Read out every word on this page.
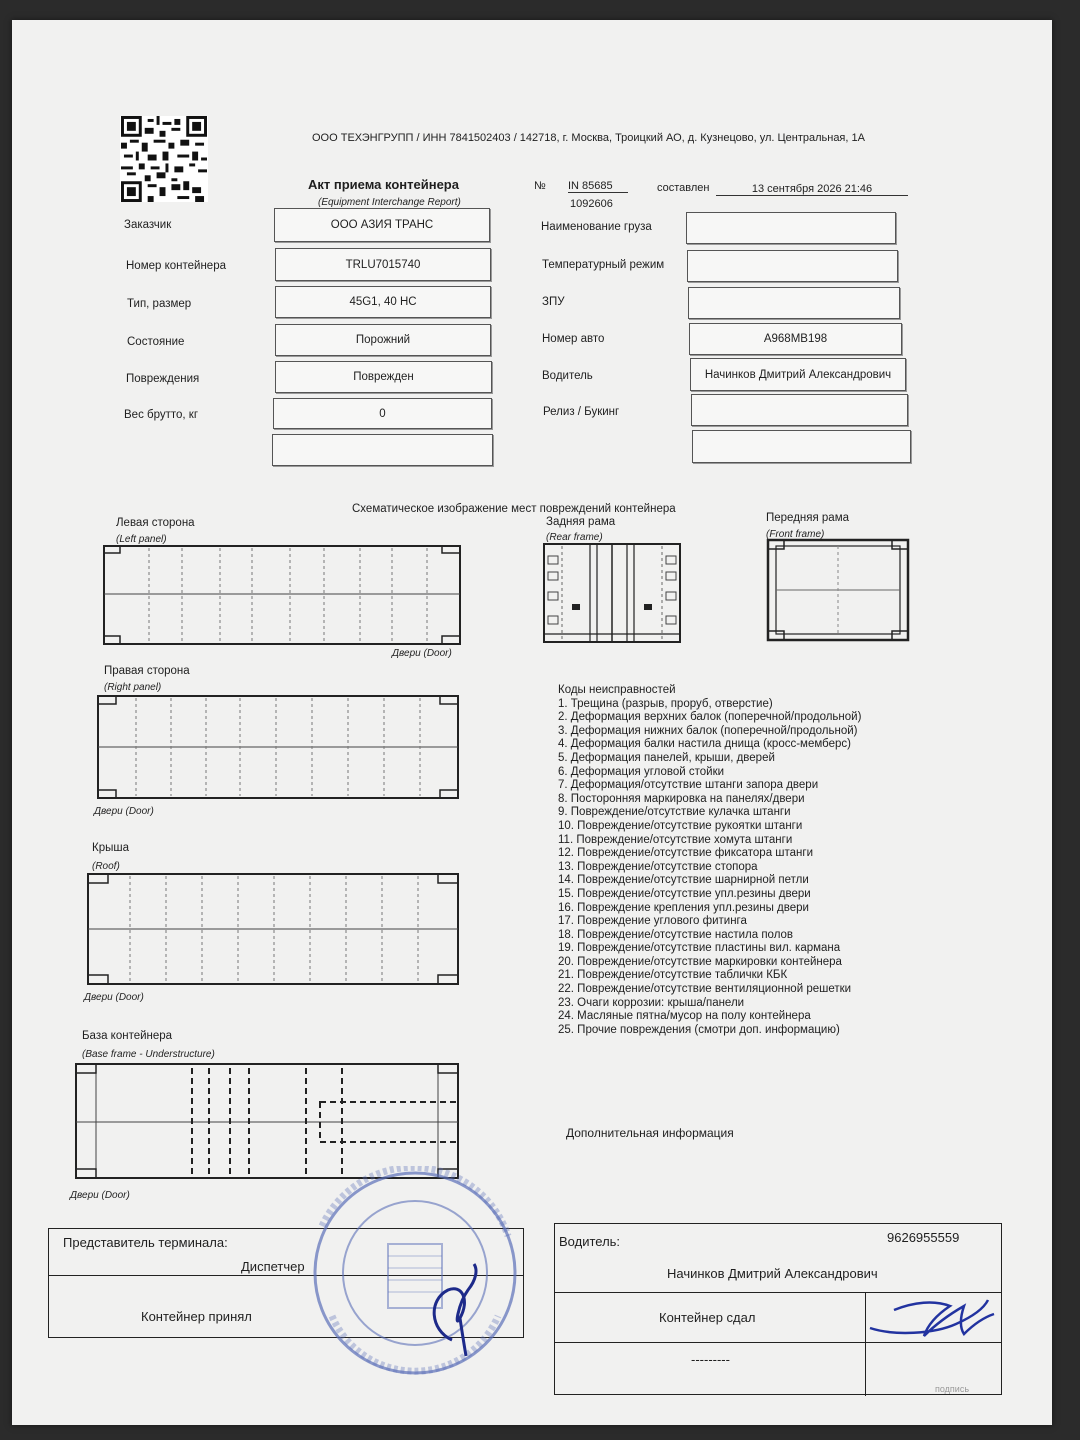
ООО ТЕХЭНГРУПП / ИНН 7841502403 / 142718, г. Москва, Троицкий АО, д. Кузнецово, ул. Центральная, 1А
Акт приема контейнера
(Equipment Interchange Report)
№ IN 85685
1092606
составлен	13 сентября 2026 21:46
Заказчик	ООО АЗИЯ ТРАНС
Номер контейнера	TRLU7015740
Тип, размер	45G1, 40 HC
Состояние	Порожний
Повреждения	Поврежден
Вес брутто, кг	0
Наименование груза
Температурный режим
ЗПУ
Номер авто	А968МВ198
Водитель	Начинков Дмитрий Александрович
Релиз / Букинг
Схематическое изображение мест повреждений контейнера
Левая сторона
(Left panel)
Двери (Door)
Правая сторона
(Right panel)
Двери (Door)
Крыша
(Roof)
Двери (Door)
База контейнера
(Base frame - Understructure)
Двери (Door)
Задняя рама
(Rear frame)
Передняя рама
(Front frame)
Коды неисправностей
1. Трещина (разрыв, проруб, отверстие)
2. Деформация верхних балок (поперечной/продольной)
3. Деформация нижних балок (поперечной/продольной)
4. Деформация балки настила днища (кросс-мемберс)
5. Деформация панелей, крыши, дверей
6. Деформация угловой стойки
7. Деформация/отсутствие штанги запора двери
8. Посторонняя маркировка на панелях/двери
9. Повреждение/отсутствие кулачка штанги
10. Повреждение/отсутствие рукоятки штанги
11. Повреждение/отсутствие хомута штанги
12. Повреждение/отсутствие фиксатора штанги
13. Повреждение/отсутствие стопора
14. Повреждение/отсутствие шарнирной петли
15. Повреждение/отсутствие упл.резины двери
16. Повреждение крепления упл.резины двери
17. Повреждение углового фитинга
18. Повреждение/отсутствие настила полов
19. Повреждение/отсутствие пластины вил. кармана
20. Повреждение/отсутствие маркировки контейнера
21. Повреждение/отсутствие таблички КБК
22. Повреждение/отсутствие вентиляционной решетки
23. Очаги коррозии: крыша/панели
24. Масляные пятна/мусор на полу контейнера
25. Прочие повреждения (смотри доп. информацию)
Дополнительная информация
Представитель терминала:
Диспетчер
Контейнер принял
Водитель:	9626955559
Начинков Дмитрий Александрович
Контейнер сдал
---------
подпись
